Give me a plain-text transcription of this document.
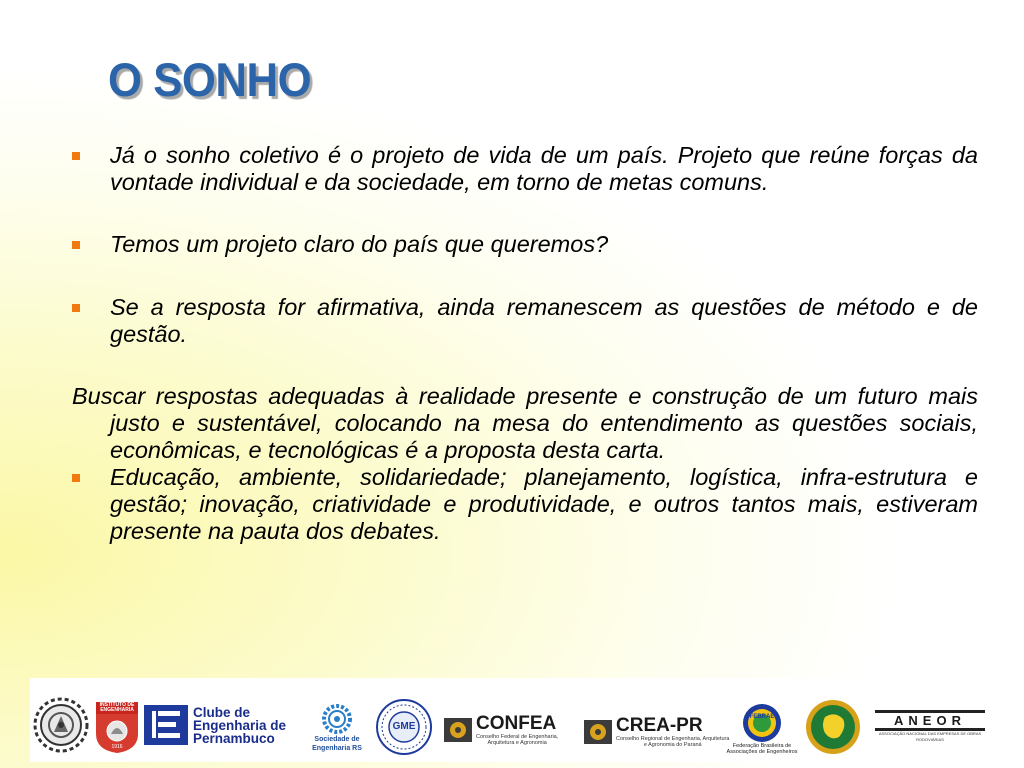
O SONHO
Já o sonho coletivo é o projeto de vida de um país. Projeto que reúne forças da vontade individual e da sociedade, em torno de metas comuns.
Temos um projeto claro do país que queremos?
Se a resposta for afirmativa, ainda remanescem as questões de método e de gestão.
Buscar respostas adequadas à realidade presente e construção de um futuro mais justo e sustentável, colocando na mesa do entendimento as questões sociais, econômicas, e tecnológicas é a proposta desta carta.
Educação, ambiente, solidariedade; planejamento, logística, infra-estrutura e gestão; inovação, criatividade e produtividade, e outros tantos mais, estiveram presente na pauta dos debates.
INSTITUTO DE
ENGENHARIA
1916
Clube de
Engenharia de
Pernambuco	Sociedade de
Engenharia RS
GME	CONFEA
Conselho Federal de Engenharia,
Arquitetura e Agronomia
CREA-PR
Conselho Regional de Engenharia, Arquitetura
e Agronomia do Paraná
FEBRAE
Federação Brasileira de
Associações de Engenheiros
ANEOR
ASSOCIAÇÃO NACIONAL DAS EMPRESAS DE OBRAS RODOVIÁRIAS
